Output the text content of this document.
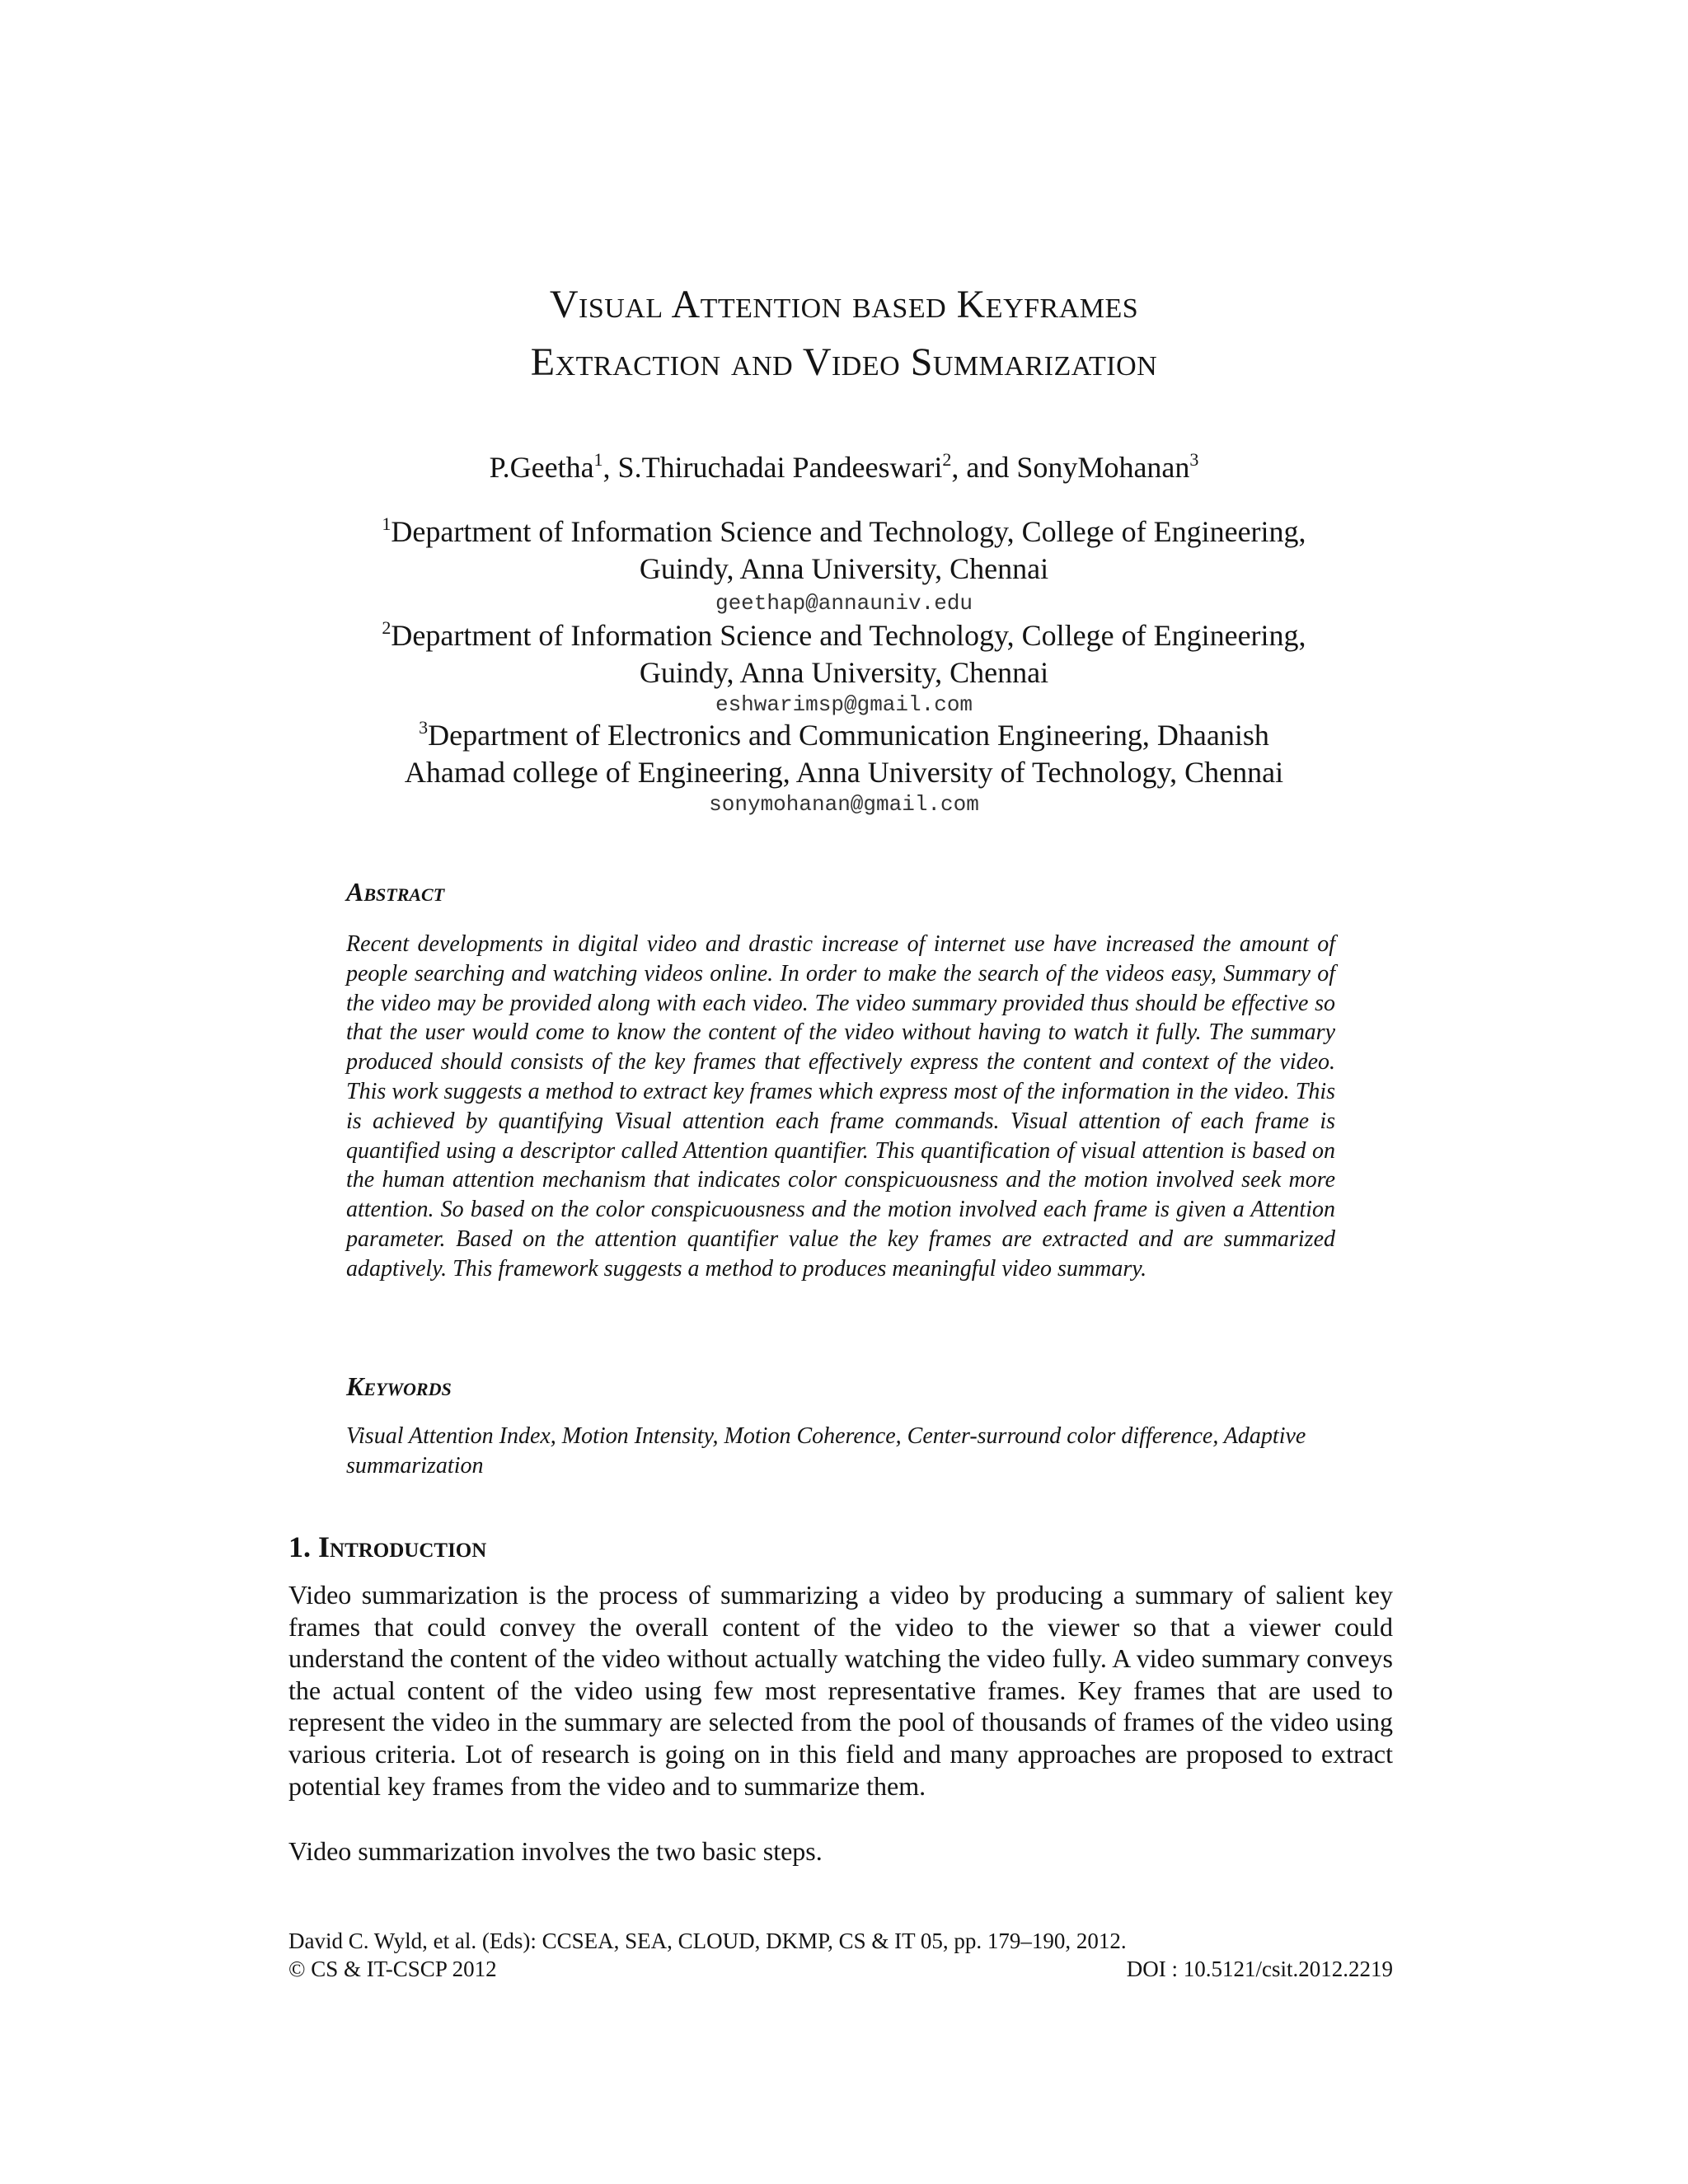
Visual Attention based Keyframes
Extraction and Video Summarization
P.Geetha$^1$, S.Thiruchadai Pandeeswari$^2$, and SonyMohanan$^3$
$^1$Department of Information Science and Technology, College of Engineering,
Guindy, Anna University, Chennai
geethap@annauniv.edu
$^2$Department of Information Science and Technology, College of Engineering,
Guindy, Anna University, Chennai
eshwarimsp@gmail.com
$^3$Department of Electronics and Communication Engineering, Dhaanish
Ahamad college of Engineering, Anna University of Technology, Chennai
sonymohanan@gmail.com
Abstract
Recent developments in digital video and drastic increase of internet use have increased the amount of people searching and watching videos online. In order to make the search of the videos easy, Summary of the video may be provided along with each video. The video summary provided thus should be effective so that the user would come to know the content of the video without having to watch it fully. The summary produced should consists of the key frames that effectively express the content and context of the video. This work suggests a method to extract key frames which express most of the information in the video. This is achieved by quantifying Visual attention each frame commands. Visual attention of each frame is quantified using a descriptor called Attention quantifier. This quantification of visual attention is based on the human attention mechanism that indicates color conspicuousness and the motion involved seek more attention. So based on the color conspicuousness and the motion involved each frame is given a Attention parameter. Based on the attention quantifier value the key frames are extracted and are summarized adaptively. This framework suggests a method to produces meaningful video summary.
Keywords
Visual Attention Index, Motion Intensity, Motion Coherence, Center-surround color difference, Adaptive summarization
1. Introduction
Video summarization is the process of summarizing a video by producing a summary of salient key frames that could convey the overall content of the video to the viewer so that a viewer could understand the content of the video without actually watching the video fully. A video summary conveys the actual content of the video using few most representative frames. Key frames that are used to represent the video in the summary are selected from the pool of thousands of frames of the video using various criteria. Lot of research is going on in this field and many approaches are proposed to extract potential key frames from the video and to summarize them.
Video summarization involves the two basic steps.
David C. Wyld, et al. (Eds): CCSEA, SEA, CLOUD, DKMP, CS & IT 05, pp. 179–190, 2012.
© CS & IT-CSCP 2012	DOI : 10.5121/csit.2012.2219
